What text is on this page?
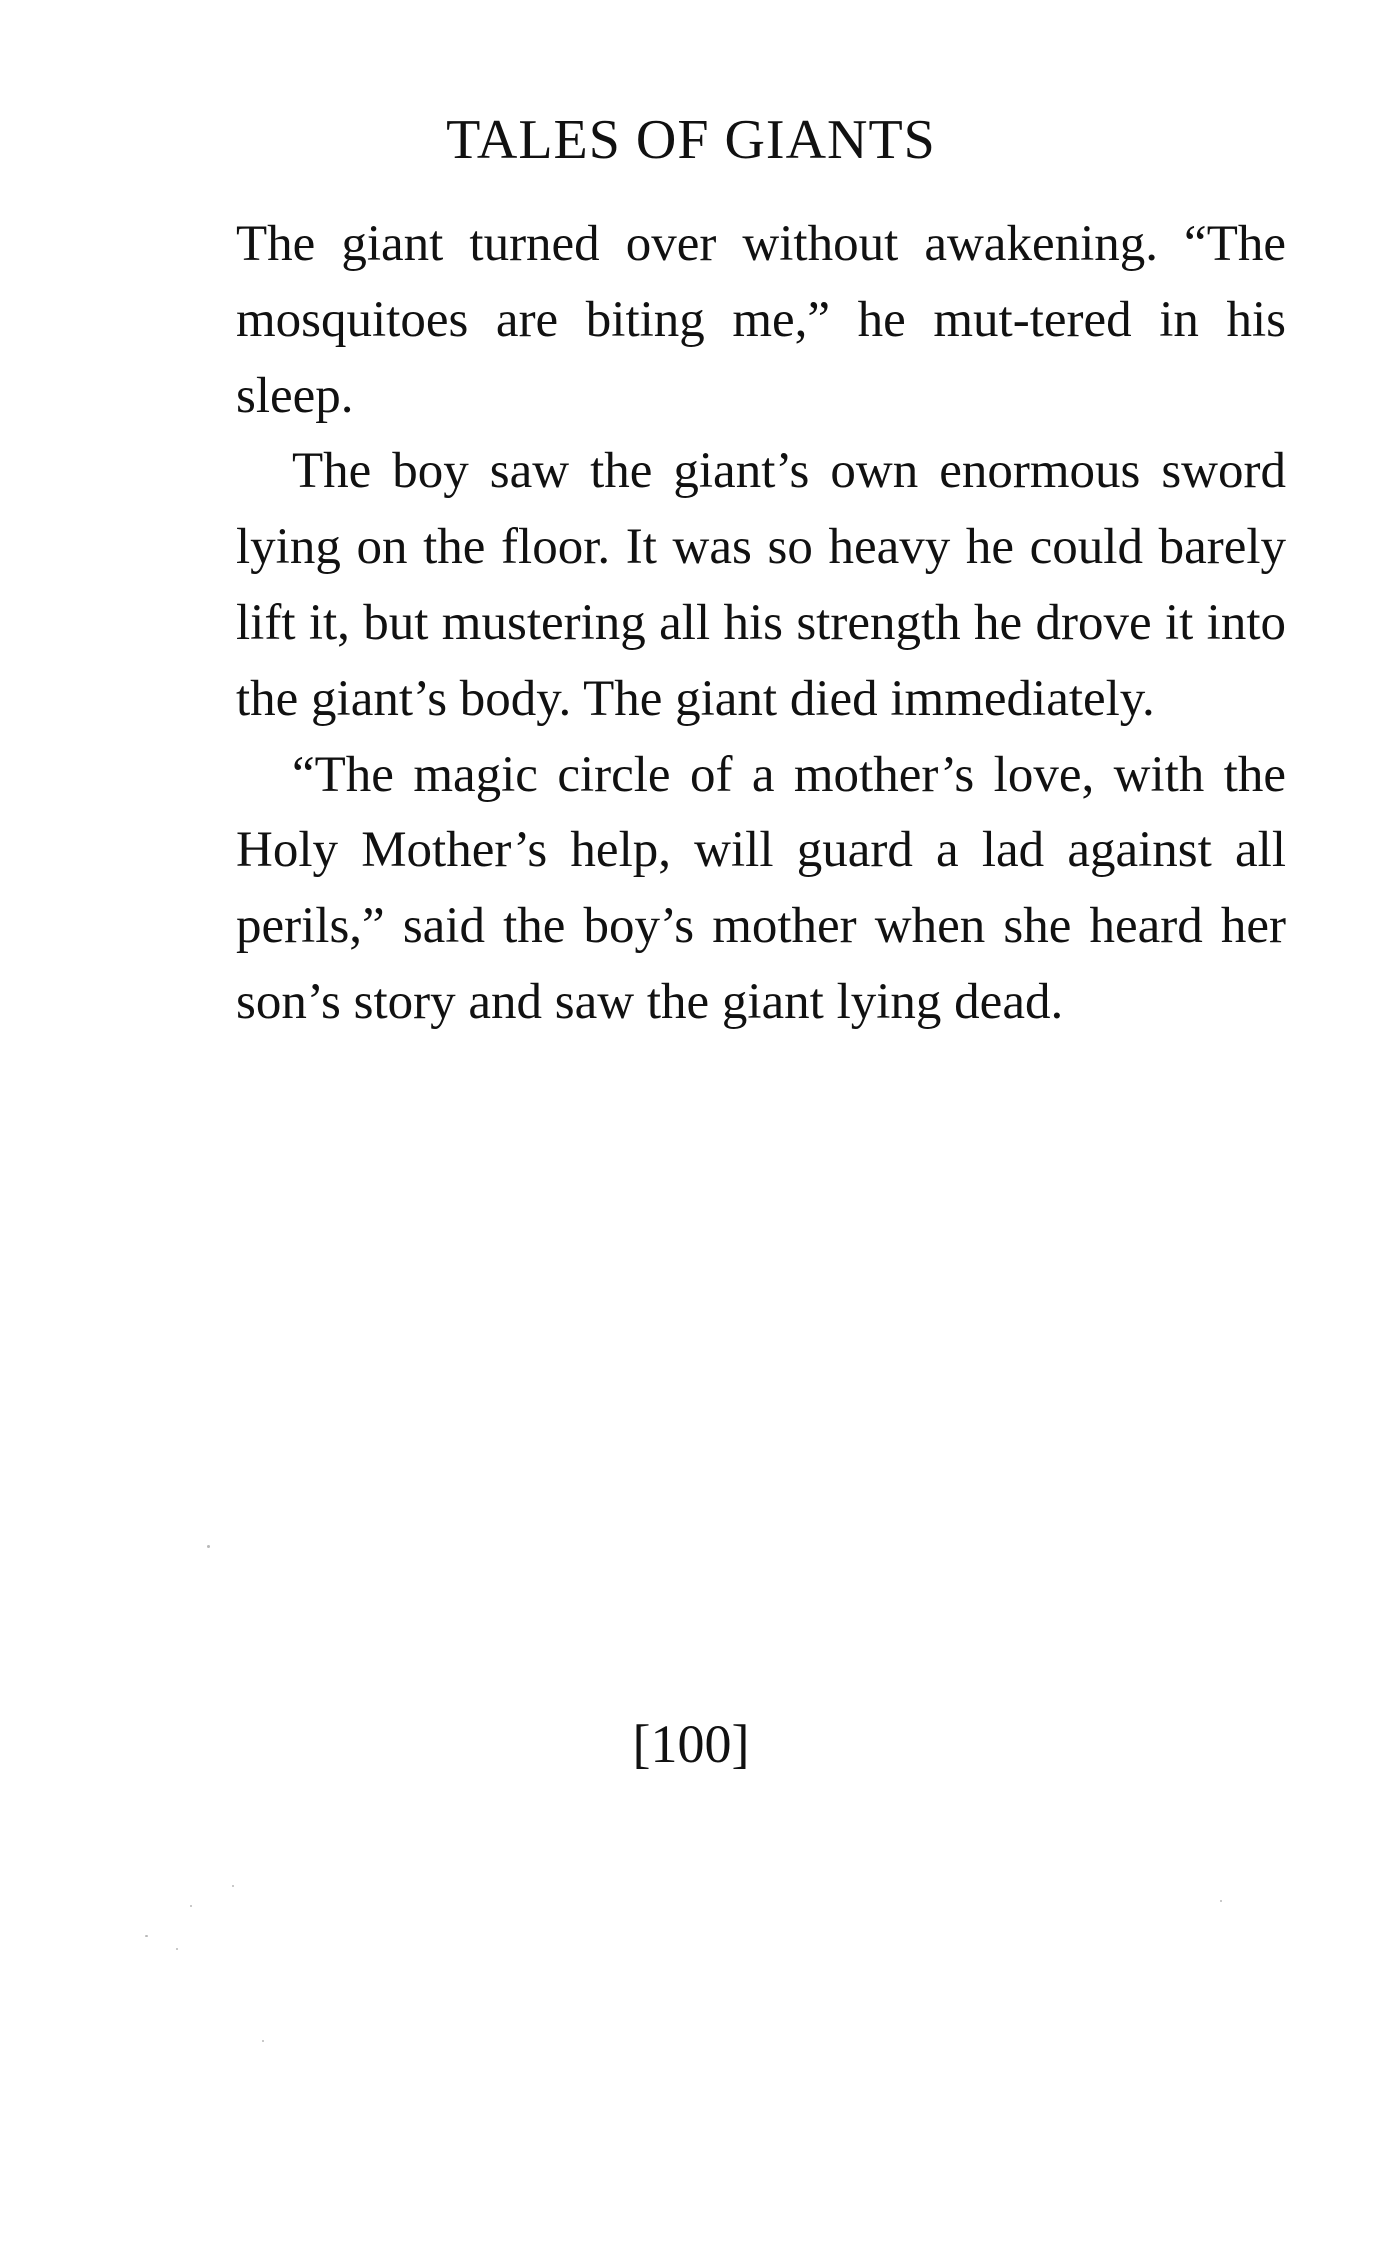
TALES OF GIANTS

The giant turned over without awakening. “The mosquitoes are biting me,” he mut-tered in his sleep.

The boy saw the giant’s own enormous sword lying on the floor. It was so heavy he could barely lift it, but mustering all his strength he drove it into the giant’s body. The giant died immediately.

“The magic circle of a mother’s love, with the Holy Mother’s help, will guard a lad against all perils,” said the boy’s mother when she heard her son’s story and saw the giant lying dead.

[100]
